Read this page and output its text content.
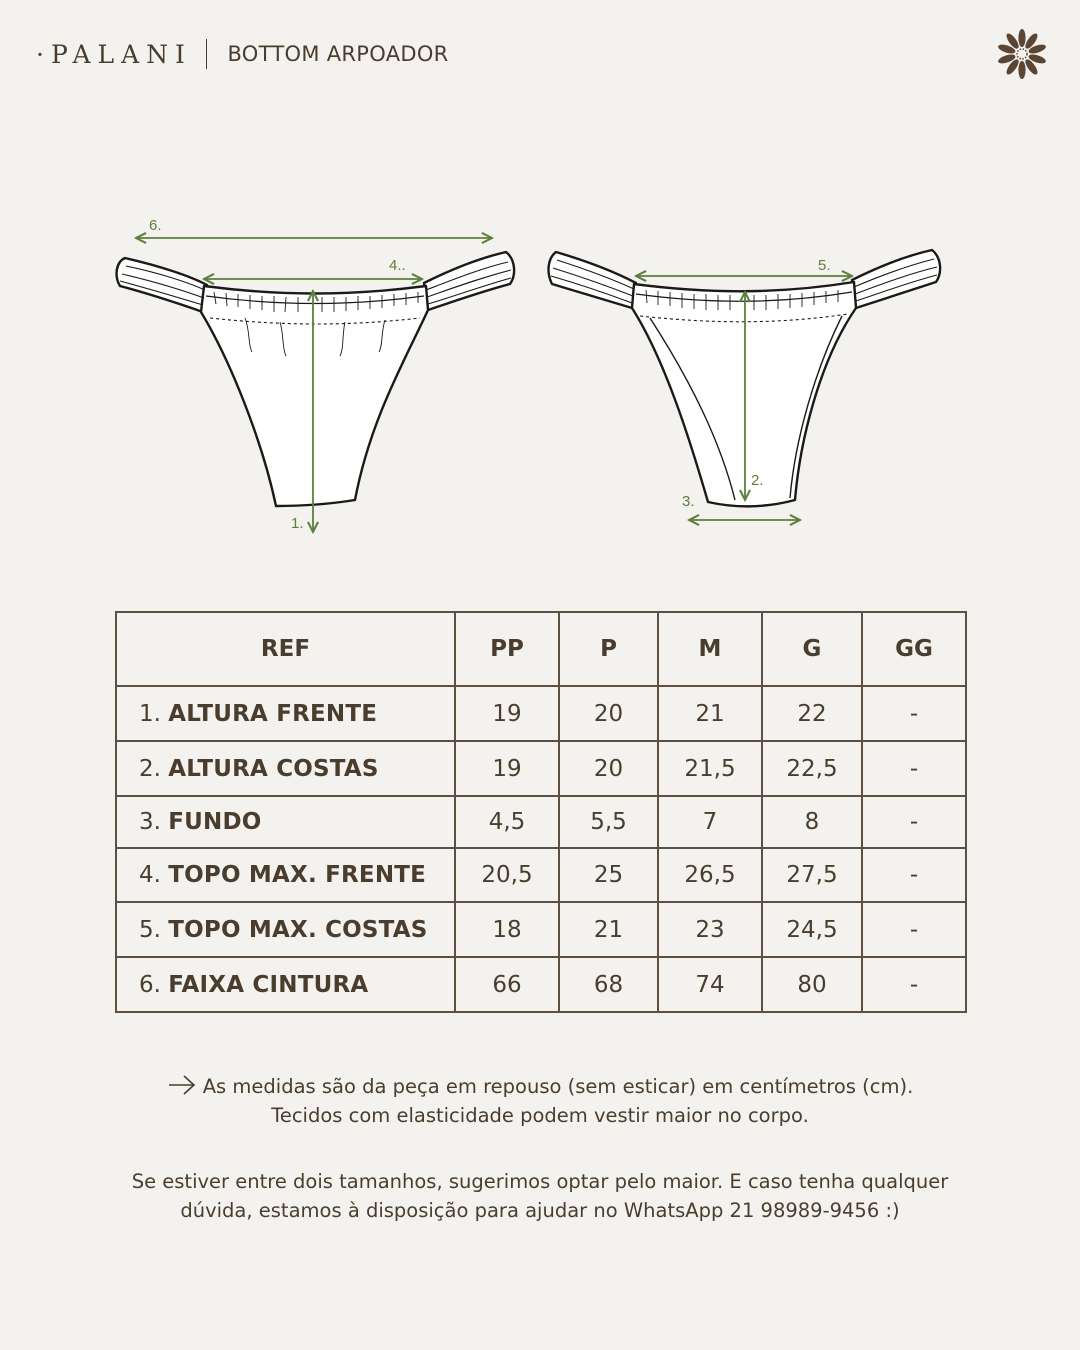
·PALANI BOTTOM ARPOADOR
6.
4..
1.
5.
2.
3.
REF	PP	P	M	G	GG
1. ALTURA FRENTE	19	20	21	22	-
2. ALTURA COSTAS	19	20	21,5	22,5	-
3. FUNDO	4,5	5,5	7	8	-
4. TOPO MAX. FRENTE	20,5	25	26,5	27,5	-
5. TOPO MAX. COSTAS	18	21	23	24,5	-
6. FAIXA CINTURA	66	68	74	80	-
As medidas são da peça em repouso (sem esticar) em centímetros (cm).
Tecidos com elasticidade podem vestir maior no corpo.
Se estiver entre dois tamanhos, sugerimos optar pelo maior. E caso tenha qualquer
dúvida, estamos à disposição para ajudar no WhatsApp 21 98989-9456 :)
